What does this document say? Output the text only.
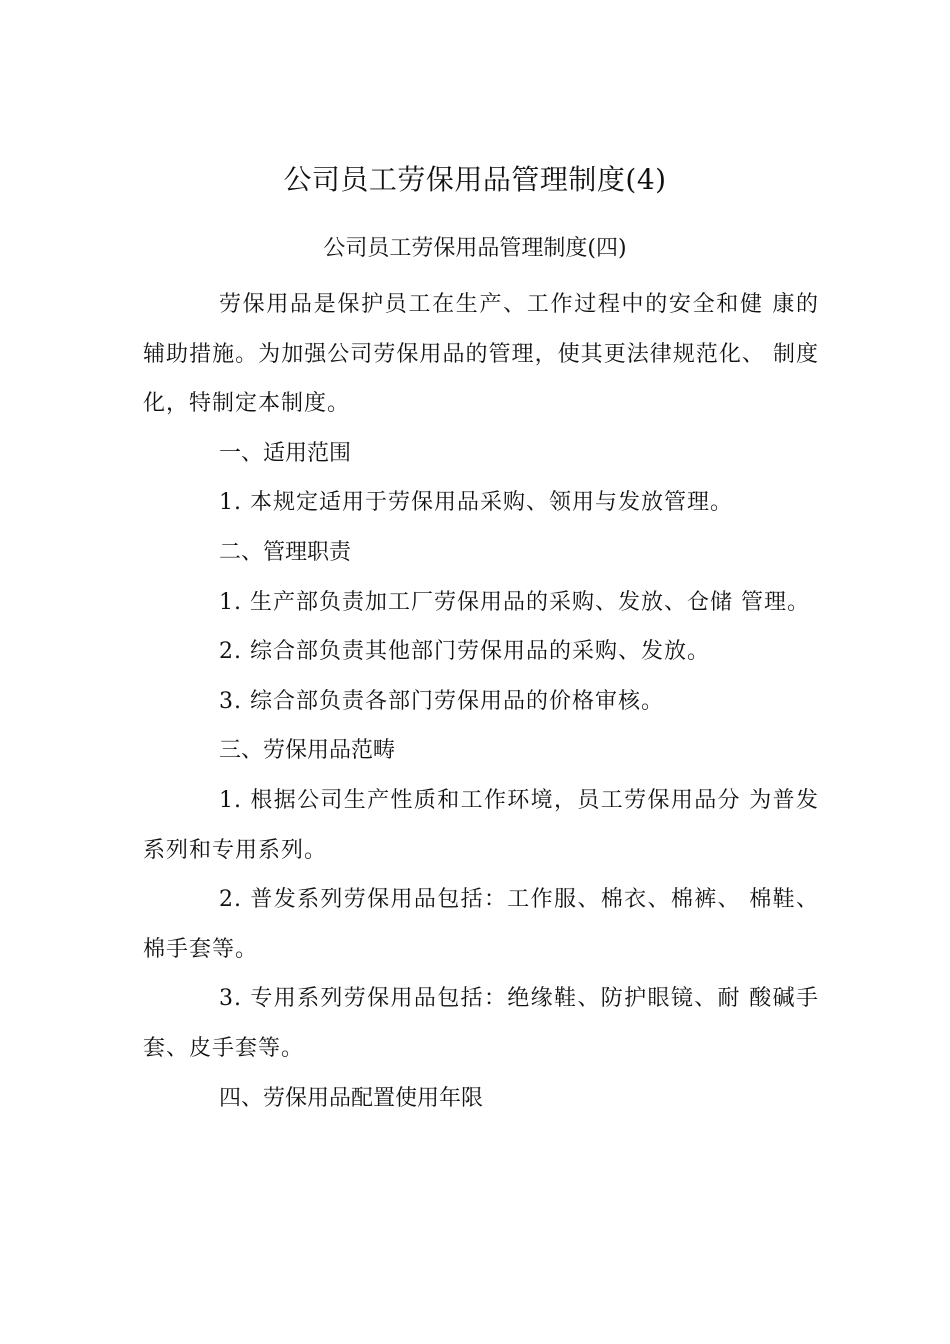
公司员工劳保用品管理制度(4)
公司员工劳保用品管理制度(四)

劳保用品是保护员工在生产、工作过程中的安全和健 康的辅助措施。为加强公司劳保用品的管理，使其更法律规范化、 制度化，特制定本制度。

一、适用范围

1. 本规定适用于劳保用品采购、领用与发放管理。

二、管理职责

1. 生产部负责加工厂劳保用品的采购、发放、仓储 管理。

2. 综合部负责其他部门劳保用品的采购、发放。

3. 综合部负责各部门劳保用品的价格审核。

三、劳保用品范畴

1. 根据公司生产性质和工作环境，员工劳保用品分 为普发系列和专用系列。

2. 普发系列劳保用品包括：工作服、棉衣、棉裤、 棉鞋、棉手套等。

3. 专用系列劳保用品包括：绝缘鞋、防护眼镜、耐 酸碱手套、皮手套等。

四、劳保用品配置使用年限
